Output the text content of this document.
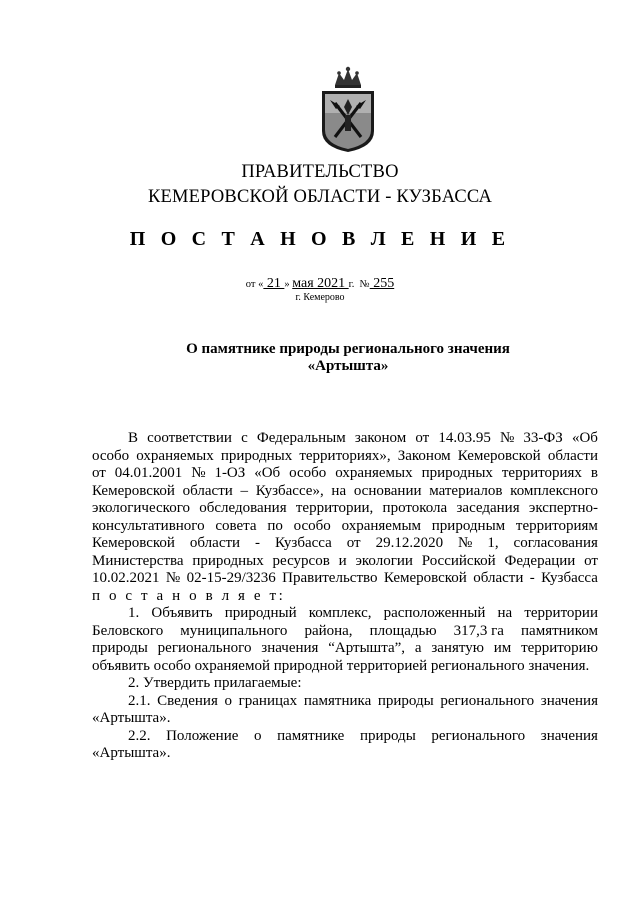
ПРАВИТЕЛЬСТВО
КЕМЕРОВСКОЙ ОБЛАСТИ - КУЗБАССА
П О С Т А Н О В Л Е Н И Е
от « 21 » мая 2021 г. № 255
г. Кемерово
О памятнике природы регионального значения
«Артышта»
В соответствии с Федеральным законом от 14.03.95 № 33-ФЗ «Об
особо охраняемых природных территориях», Законом Кемеровской области
от 04.01.2001 № 1-ОЗ «Об особо охраняемых природных территориях в
Кемеровской области – Кузбассе», на основании материалов комплексного
экологического обследования территории, протокола заседания экспертно-
консультативного совета по особо охраняемым природным территориям
Кемеровской области - Кузбасса от 29.12.2020 № 1, согласования
Министерства природных ресурсов и экологии Российской Федерации от
10.02.2021 № 02-15-29/3236 Правительство Кемеровской области - Кузбасса
п о с т а н о в л я е т:
1. Объявить природный комплекс, расположенный на территории
Беловского муниципального района, площадью 317,3 га памятником
природы регионального значения “Артышта”, а занятую им территорию
объявить особо охраняемой природной территорией регионального значения.
2. Утвердить прилагаемые:
2.1. Сведения о границах памятника природы регионального значения
«Артышта».
2.2. Положение о памятнике природы регионального значения
«Артышта».
